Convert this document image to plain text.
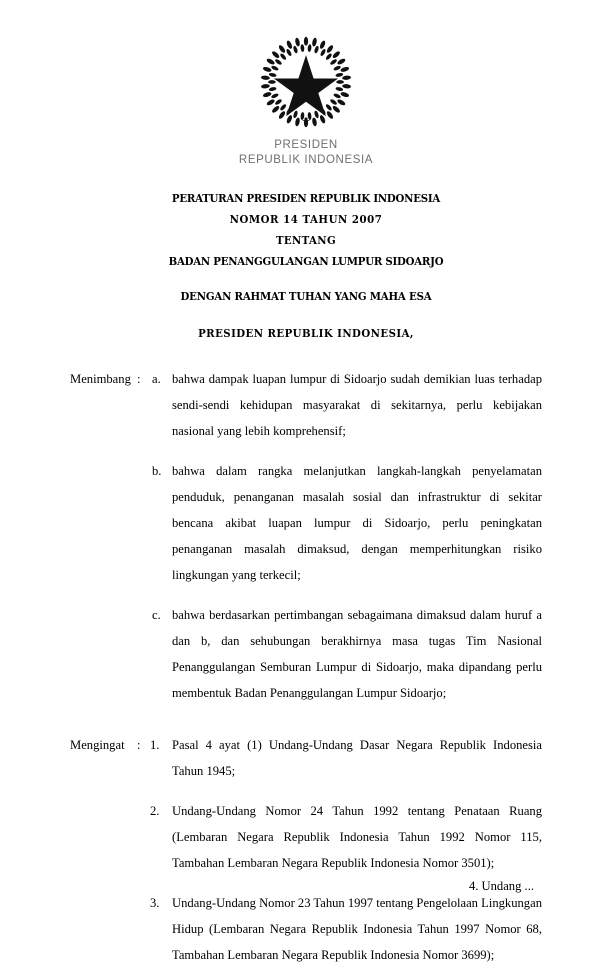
PRESIDEN
REPUBLIK INDONESIA
PERATURAN PRESIDEN REPUBLIK INDONESIA
NOMOR 14 TAHUN 2007
TENTANG
BADAN PENANGGULANGAN LUMPUR SIDOARJO
DENGAN RAHMAT TUHAN YANG MAHA ESA
PRESIDEN REPUBLIK INDONESIA,
Menimbang : a. bahwa dampak luapan lumpur di Sidoarjo sudah demikian luas terhadap sendi-sendi kehidupan masyarakat di sekitarnya, perlu kebijakan nasional yang lebih komprehensif;
b. bahwa dalam rangka melanjutkan langkah-langkah penyelamatan penduduk, penanganan masalah sosial dan infrastruktur di sekitar bencana akibat luapan lumpur di Sidoarjo, perlu peningkatan penanganan masalah dimaksud, dengan memperhitungkan risiko lingkungan yang terkecil;
c. bahwa berdasarkan pertimbangan sebagaimana dimaksud dalam huruf a dan b, dan sehubungan berakhirnya masa tugas Tim Nasional Penanggulangan Semburan Lumpur di Sidoarjo, maka dipandang perlu membentuk Badan Penanggulangan Lumpur Sidoarjo;
Mengingat : 1. Pasal 4 ayat (1) Undang-Undang Dasar Negara Republik Indonesia Tahun 1945;
2. Undang-Undang Nomor 24 Tahun 1992 tentang Penataan Ruang (Lembaran Negara Republik Indonesia Tahun 1992 Nomor 115, Tambahan Lembaran Negara Republik Indonesia Nomor 3501);
3. Undang-Undang Nomor 23 Tahun 1997 tentang Pengelolaan Lingkungan Hidup (Lembaran Negara Republik Indonesia Tahun 1997 Nomor 68, Tambahan Lembaran Negara Republik Indonesia Nomor 3699);
4. Undang ...
